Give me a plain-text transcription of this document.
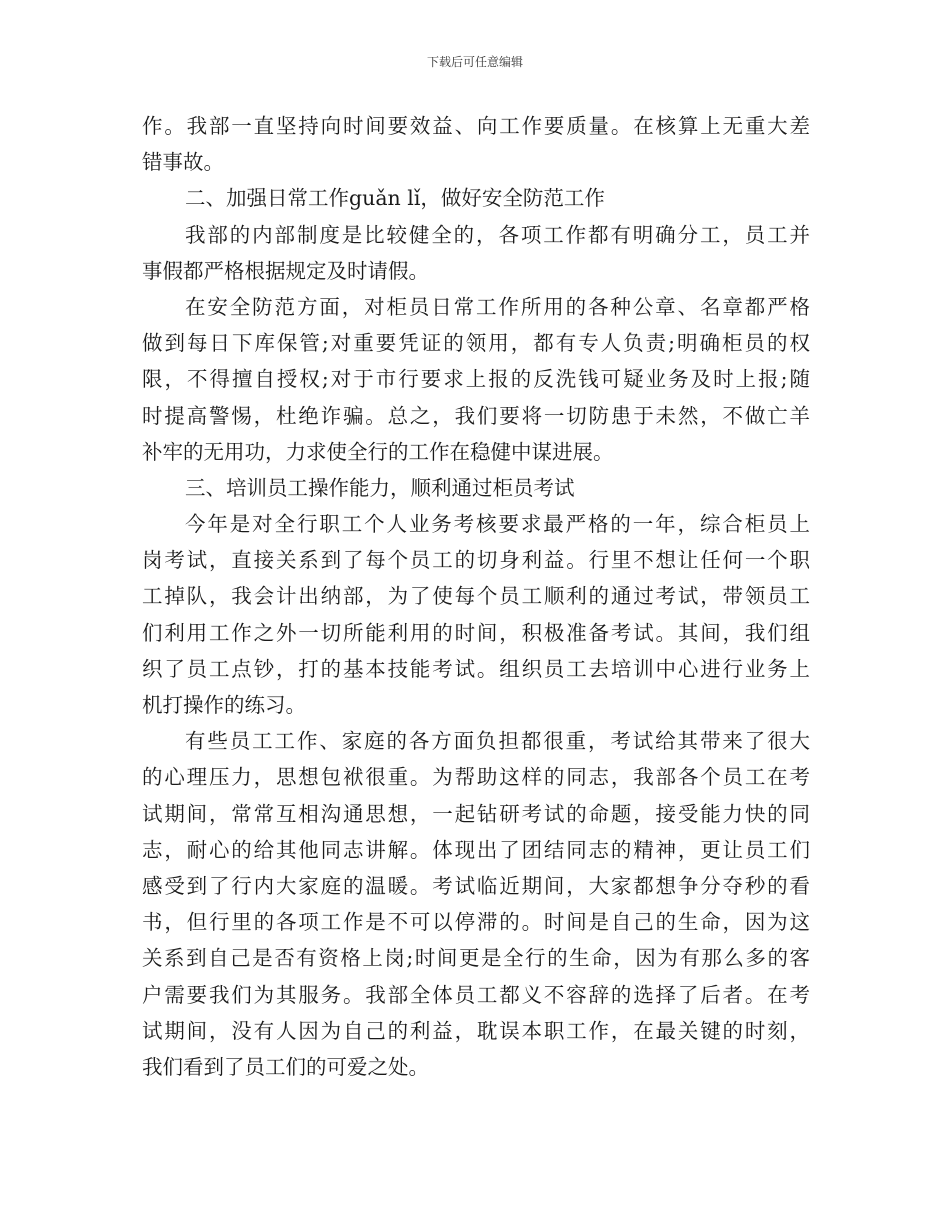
下载后可任意编辑
作。我部一直坚持向时间要效益、向工作要质量。在核算上无重大差
错事故。
二、加强日常工作guǎn lǐ，做好安全防范工作
我部的内部制度是比较健全的，各项工作都有明确分工，员工并
事假都严格根据规定及时请假。
在安全防范方面，对柜员日常工作所用的各种公章、名章都严格
做到每日下库保管;对重要凭证的领用，都有专人负责;明确柜员的权
限，不得擅自授权;对于市行要求上报的反洗钱可疑业务及时上报;随
时提高警惕，杜绝诈骗。总之，我们要将一切防患于未然，不做亡羊
补牢的无用功，力求使全行的工作在稳健中谋进展。
三、培训员工操作能力，顺利通过柜员考试
今年是对全行职工个人业务考核要求最严格的一年，综合柜员上
岗考试，直接关系到了每个员工的切身利益。行里不想让任何一个职
工掉队，我会计出纳部，为了使每个员工顺利的通过考试，带领员工
们利用工作之外一切所能利用的时间，积极准备考试。其间，我们组
织了员工点钞，打的基本技能考试。组织员工去培训中心进行业务上
机打操作的练习。
有些员工工作、家庭的各方面负担都很重，考试给其带来了很大
的心理压力，思想包袱很重。为帮助这样的同志，我部各个员工在考
试期间，常常互相沟通思想，一起钻研考试的命题，接受能力快的同
志，耐心的给其他同志讲解。体现出了团结同志的精神，更让员工们
感受到了行内大家庭的温暖。考试临近期间，大家都想争分夺秒的看
书，但行里的各项工作是不可以停滞的。时间是自己的生命，因为这
关系到自己是否有资格上岗;时间更是全行的生命，因为有那么多的客
户需要我们为其服务。我部全体员工都义不容辞的选择了后者。在考
试期间，没有人因为自己的利益，耽误本职工作，在最关键的时刻，
我们看到了员工们的可爱之处。
